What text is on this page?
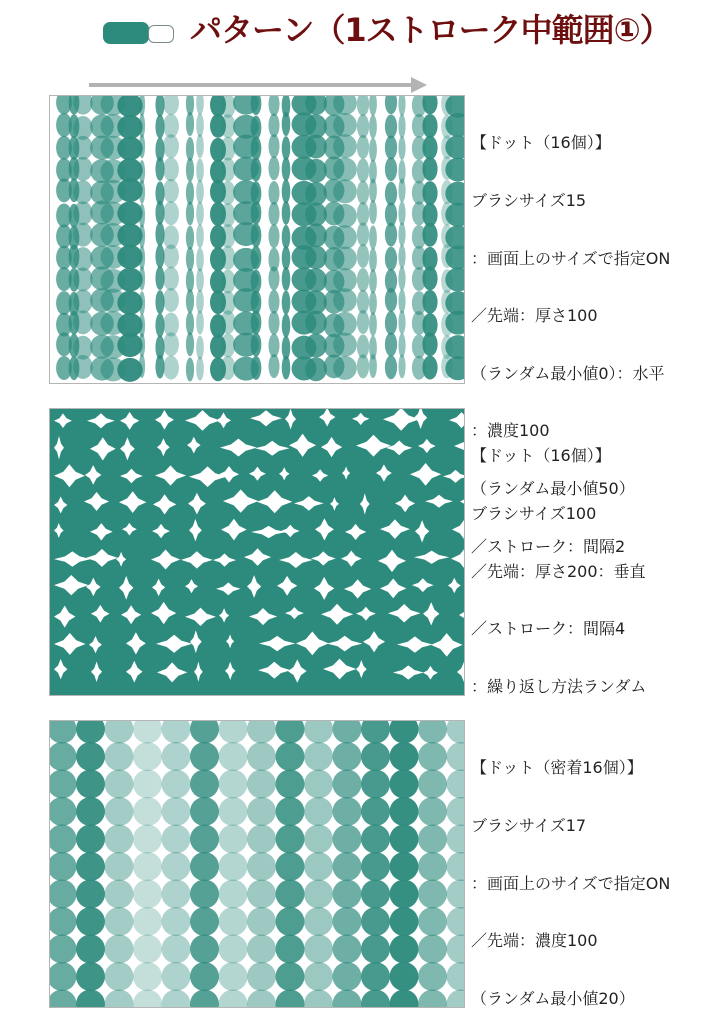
パターン（1ストローク中範囲①）

【ドット（16個）】

ブラシサイズ15

：画面上のサイズで指定ON

／先端：厚さ100

（ランダム最小値0）：水平

：濃度100

（ランダム最小値50）

／ストローク：間隔2

【ドット（16個）】

ブラシサイズ100

／先端：厚さ200：垂直

／ストローク：間隔4

：繰り返し方法ランダム

【ドット（密着16個）】

ブラシサイズ17

：画面上のサイズで指定ON

／先端：濃度100

（ランダム最小値20）
